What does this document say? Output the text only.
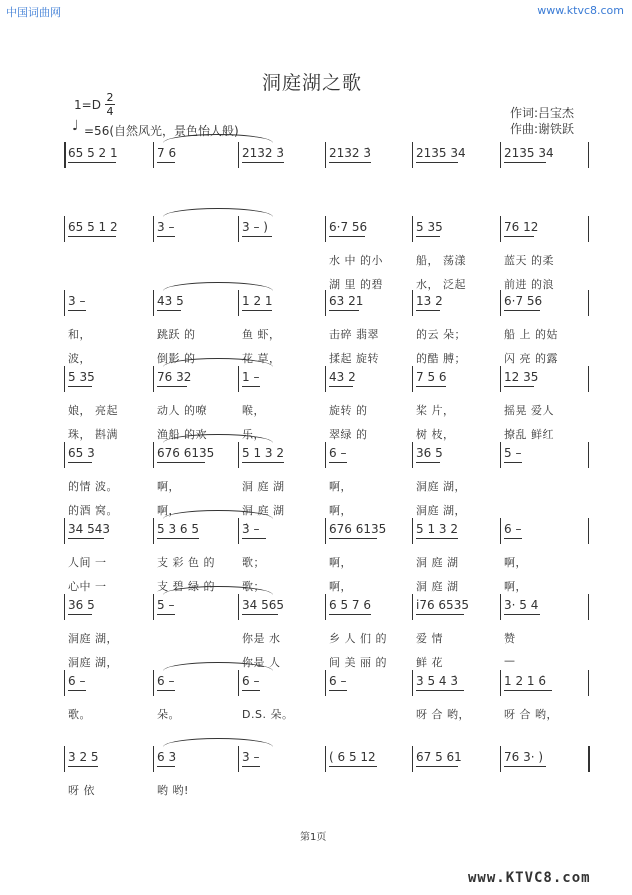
中国词曲网	www.ktvc8.com
洞庭湖之歌
1=D
2
4
♩ =56(自然风光，景色怡人般)
作词:吕宝杰
作曲:谢铁跃
65 5 2 1	7 6	2132 3̇	2132 3̇	2135 34	2135 34
65 5 1 2	3 –	3 – )	6·7 56
水 中 的小
湖 里 的碧
5 35
船， 荡漾
水， 泛起
76 12
蓝天 的柔
前进 的浪
3 –
和，
波，
43 5
跳跃 的
倒影 的
1 2 1
鱼 虾，
花 草，
63 21
击碎 翡翠
揉起 旋转
13 2
的云 朵；
的酷 膊；
6·7 56
船 上 的姑
闪 亮 的露
5 35
娘， 亮起
珠， 斟满
76 32
动人 的嘹
渔船 的欢
1 –
喉，
乐，
43 2
旋转 的
翠绿 的
7 5 6
桨 片，
树 枝，
12 35
摇晃 爱人
撩乱 鲜红
65 3
的情 波。
的酒 窝。
676 6135
啊，
啊，
5 1 3 2
洞 庭 湖
洞 庭 湖
6 –
啊，
啊，
36 5
洞庭 湖，
洞庭 湖，
5 –
34 543
人间 一
心中 一
5 3 6 5
支 彩 色 的
支 碧 绿 的
3̇ –
歌；
歌；
676 6135
啊，
啊，
5 1 3 2
洞 庭 湖
洞 庭 湖
6 –
啊，
啊，
36 5
洞庭 湖，
洞庭 湖，
5 –	34 565
你是 水
你是 人
6 5 7 6
乡 人 们 的
间 美 丽 的
i76 6535
爱 情
鲜 花
3· 5 4
赞
—
6 –
歌。
6 –
朵。
6 –
D.S. 朵。
6 –	3 5 4 3̇
呀 合 哟，
1 2 1 6̇
呀 合 哟，
3 2 5
呀 依
6 3
哟 哟!
3 –	( 6 5 12	67 5 61	76 3· )
第1页
www.KTVC8.com
